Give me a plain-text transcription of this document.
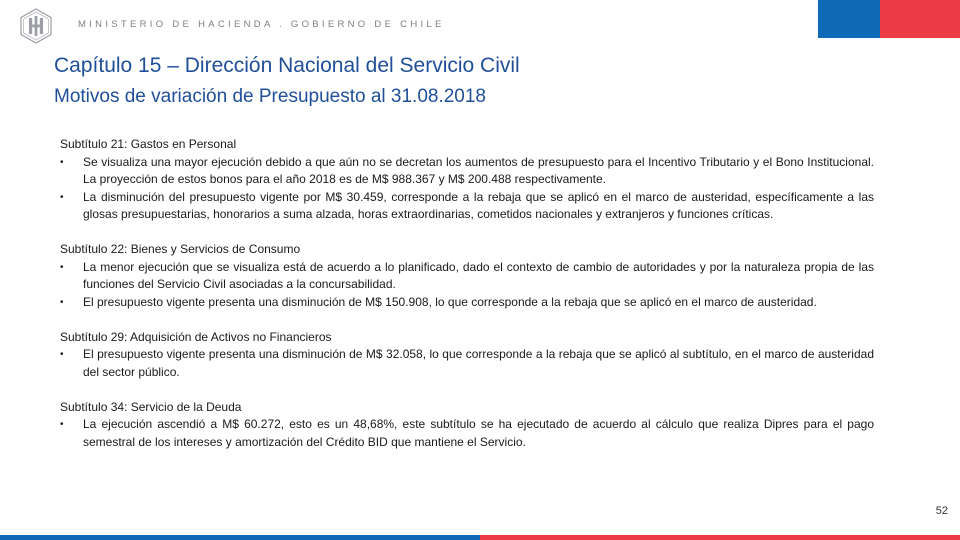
MINISTERIO DE HACIENDA . GOBIERNO DE CHILE
Capítulo 15 – Dirección Nacional del Servicio Civil
Motivos de variación de Presupuesto al 31.08.2018

Subtítulo 21: Gastos en Personal

• Se visualiza una mayor ejecución debido a que aún no se decretan los aumentos de presupuesto para el Incentivo Tributario y el Bono Institucional. La proyección de estos bonos para el año 2018 es de M$ 988.367 y M$ 200.488 respectivamente.
• La disminución del presupuesto vigente por M$ 30.459, corresponde a la rebaja que se aplicó en el marco de austeridad, específicamente a las glosas presupuestarias, honorarios a suma alzada, horas extraordinarias, cometidos nacionales y extranjeros y funciones críticas.

Subtítulo 22: Bienes y Servicios de Consumo

• La menor ejecución que se visualiza está de acuerdo a lo planificado, dado el contexto de cambio de autoridades y por la naturaleza propia de las funciones del Servicio Civil asociadas a la concursabilidad.
• El presupuesto vigente presenta una disminución de M$ 150.908, lo que corresponde a la rebaja que se aplicó en el marco de austeridad.

Subtítulo 29: Adquisición de Activos no Financieros

• El presupuesto vigente presenta una disminución de M$ 32.058, lo que corresponde a la rebaja que se aplicó al subtítulo, en el marco de austeridad del sector público.

Subtítulo 34: Servicio de la Deuda

• La ejecución ascendió a M$ 60.272, esto es un 48,68%, este subtítulo se ha ejecutado de acuerdo al cálculo que realiza Dipres para el pago semestral de los intereses y amortización del Crédito BID que mantiene el Servicio.
52
